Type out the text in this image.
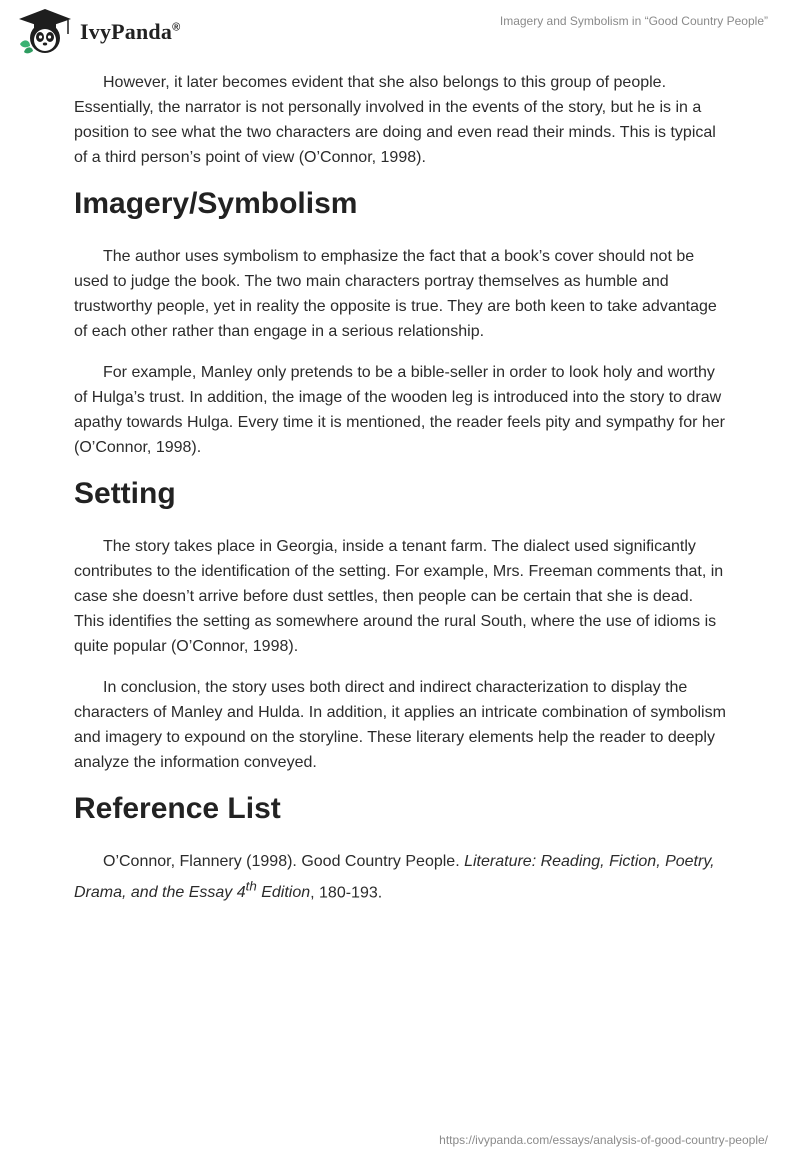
IvyPanda®	Imagery and Symbolism in “Good Country People”

However, it later becomes evident that she also belongs to this group of people. Essentially, the narrator is not personally involved in the events of the story, but he is in a position to see what the two characters are doing and even read their minds. This is typical of a third person’s point of view (O’Connor, 1998).

Imagery/Symbolism

The author uses symbolism to emphasize the fact that a book’s cover should not be used to judge the book. The two main characters portray themselves as humble and trustworthy people, yet in reality the opposite is true. They are both keen to take advantage of each other rather than engage in a serious relationship.

For example, Manley only pretends to be a bible-seller in order to look holy and worthy of Hulga’s trust. In addition, the image of the wooden leg is introduced into the story to draw apathy towards Hulga. Every time it is mentioned, the reader feels pity and sympathy for her (O’Connor, 1998).

Setting

The story takes place in Georgia, inside a tenant farm. The dialect used significantly contributes to the identification of the setting. For example, Mrs. Freeman comments that, in case she doesn’t arrive before dust settles, then people can be certain that she is dead. This identifies the setting as somewhere around the rural South, where the use of idioms is quite popular (O’Connor, 1998).

In conclusion, the story uses both direct and indirect characterization to display the characters of Manley and Hulda. In addition, it applies an intricate combination of symbolism and imagery to expound on the storyline. These literary elements help the reader to deeply analyze the information conveyed.

Reference List

O’Connor, Flannery (1998). Good Country People. Literature: Reading, Fiction, Poetry, Drama, and the Essay 4th Edition, 180-193.

https://ivypanda.com/essays/analysis-of-good-country-people/
